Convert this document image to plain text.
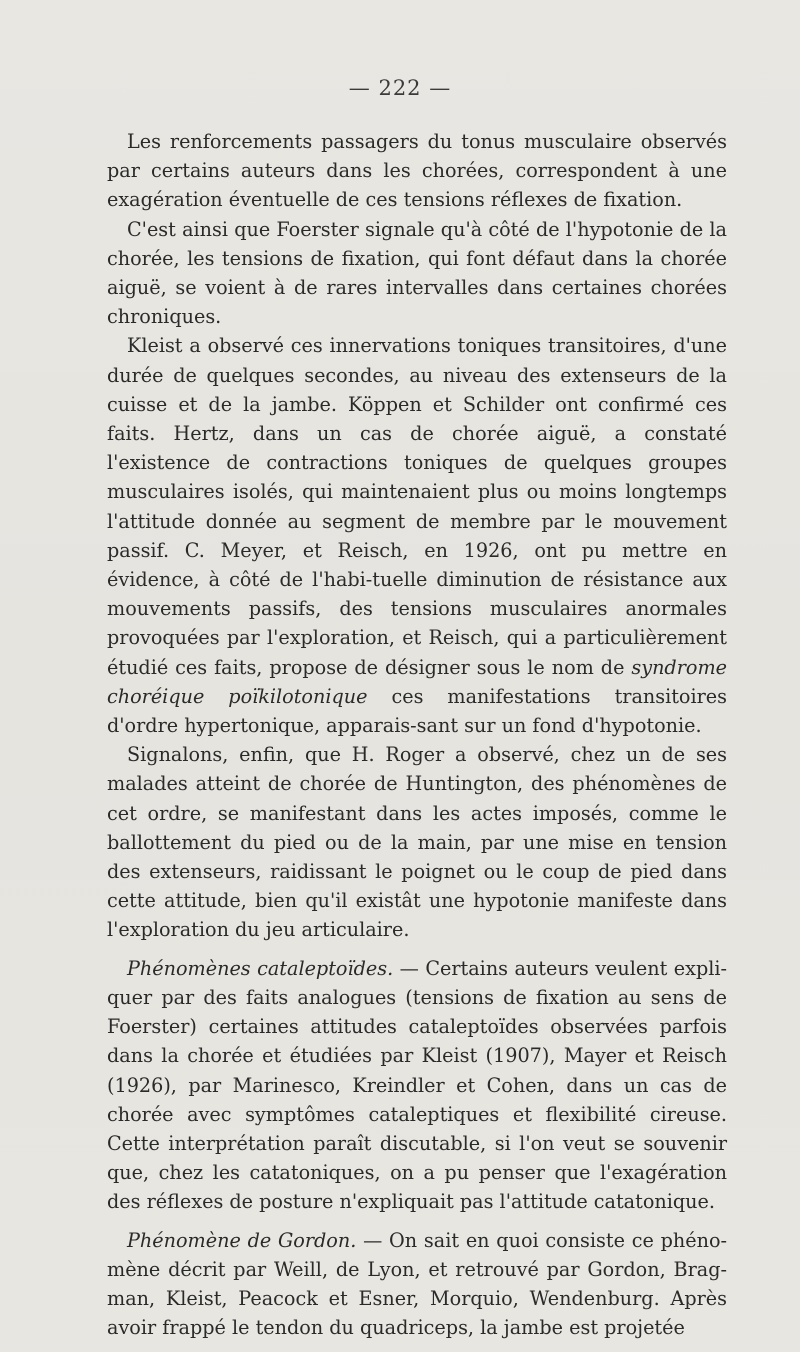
— 222 —

Les renforcements passagers du tonus musculaire observés par certains auteurs dans les chorées, correspondent à une exagération éventuelle de ces tensions réflexes de fixation.

C'est ainsi que Foerster signale qu'à côté de l'hypotonie de la chorée, les tensions de fixation, qui font défaut dans la chorée aiguë, se voient à de rares intervalles dans certaines chorées chroniques.

Kleist a observé ces innervations toniques transitoires, d'une durée de quelques secondes, au niveau des extenseurs de la cuisse et de la jambe. Köppen et Schilder ont confirmé ces faits. Hertz, dans un cas de chorée aiguë, a constaté l'existence de contractions toniques de quelques groupes musculaires isolés, qui maintenaient plus ou moins longtemps l'attitude donnée au segment de membre par le mouvement passif. C. Meyer, et Reisch, en 1926, ont pu mettre en évidence, à côté de l'habi-tuelle diminution de résistance aux mouvements passifs, des tensions musculaires anormales provoquées par l'exploration, et Reisch, qui a particulièrement étudié ces faits, propose de désigner sous le nom de syndrome choréique poïkilotonique ces manifestations transitoires d'ordre hypertonique, apparais-sant sur un fond d'hypotonie.

Signalons, enfin, que H. Roger a observé, chez un de ses malades atteint de chorée de Huntington, des phénomènes de cet ordre, se manifestant dans les actes imposés, comme le ballottement du pied ou de la main, par une mise en tension des extenseurs, raidissant le poignet ou le coup de pied dans cette attitude, bien qu'il existât une hypotonie manifeste dans l'exploration du jeu articulaire.

Phénomènes cataleptoïdes. — Certains auteurs veulent expli-quer par des faits analogues (tensions de fixation au sens de Foerster) certaines attitudes cataleptoïdes observées parfois dans la chorée et étudiées par Kleist (1907), Mayer et Reisch (1926), par Marinesco, Kreindler et Cohen, dans un cas de chorée avec symptômes cataleptiques et flexibilité cireuse. Cette interprétation paraît discutable, si l'on veut se souvenir que, chez les catatoniques, on a pu penser que l'exagération des réflexes de posture n'expliquait pas l'attitude catatonique.

Phénomène de Gordon. — On sait en quoi consiste ce phéno-mène décrit par Weill, de Lyon, et retrouvé par Gordon, Brag-man, Kleist, Peacock et Esner, Morquio, Wendenburg. Après avoir frappé le tendon du quadriceps, la jambe est projetée
